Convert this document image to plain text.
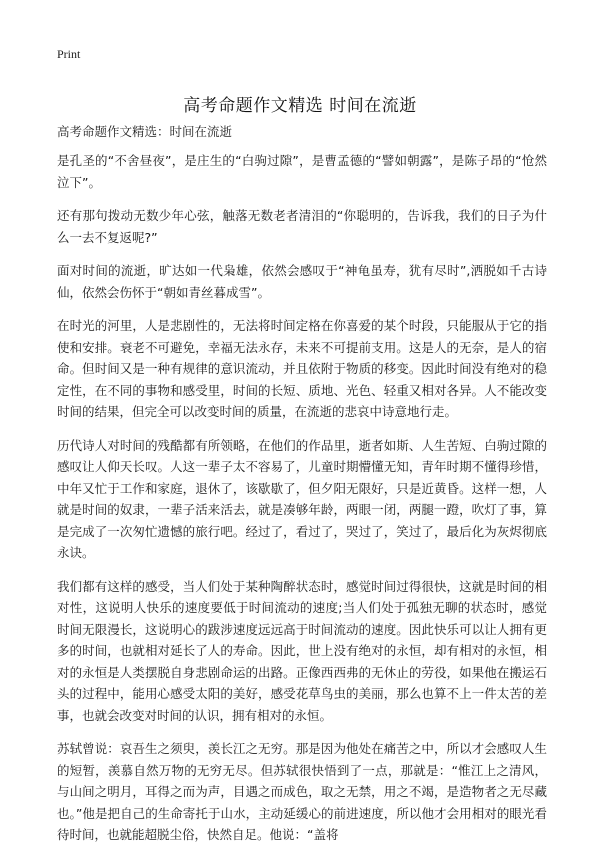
Print
高考命题作文精选 时间在流逝
高考命题作文精选：时间在流逝

是孔圣的“不舍昼夜”，是庄生的“白驹过隙”，是曹孟德的“譬如朝露”，是陈子昂的“怆然泣下”。

还有那句拨动无数少年心弦，触落无数老者清泪的“你聪明的，告诉我，我们的日子为什么一去不复返呢?”

面对时间的流逝，旷达如一代枭雄，依然会感叹于“神龟虽寿，犹有尽时”,洒脱如千古诗仙，依然会伤怀于“朝如青丝暮成雪”。

在时光的河里，人是悲剧性的，无法将时间定格在你喜爱的某个时段，只能服从于它的指使和安排。衰老不可避免，幸福无法永存，未来不可提前支用。这是人的无奈，是人的宿命。但时间又是一种有规律的意识流动，并且依附于物质的移变。因此时间没有绝对的稳定性，在不同的事物和感受里，时间的长短、质地、光色、轻重又相对各异。人不能改变时间的结果，但完全可以改变时间的质量，在流逝的悲哀中诗意地行走。

历代诗人对时间的残酷都有所领略，在他们的作品里，逝者如斯、人生苦短、白驹过隙的感叹让人仰天长叹。人这一辈子太不容易了，儿童时期懵懂无知，青年时期不懂得珍惜，中年又忙于工作和家庭，退休了，该歇歇了，但夕阳无限好，只是近黄昏。这样一想，人就是时间的奴隶，一辈子活来活去，就是凑够年龄，两眼一闭，两腿一蹬，吹灯了事，算是完成了一次匆忙遗憾的旅行吧。经过了，看过了，哭过了，笑过了，最后化为灰烬彻底永诀。

我们都有这样的感受，当人们处于某种陶醉状态时，感觉时间过得很快，这就是时间的相对性，这说明人快乐的速度要低于时间流动的速度;当人们处于孤独无聊的状态时，感觉时间无限漫长，这说明心的跋涉速度远远高于时间流动的速度。因此快乐可以让人拥有更多的时间，也就相对延长了人的寿命。因此，世上没有绝对的永恒，却有相对的永恒，相对的永恒是人类摆脱自身悲剧命运的出路。正像西西弗的无休止的劳役，如果他在搬运石头的过程中，能用心感受太阳的美好，感受花草鸟虫的美丽，那么也算不上一件太苦的差事，也就会改变对时间的认识，拥有相对的永恒。

苏轼曾说：哀吾生之须臾，羡长江之无穷。那是因为他处在痛苦之中，所以才会感叹人生的短暂，羡慕自然万物的无穷无尽。但苏轼很快悟到了一点，那就是：“惟江上之清风，与山间之明月，耳得之而为声，目遇之而成色，取之无禁，用之不竭，是造物者之无尽藏也。”他是把自己的生命寄托于山水，主动延缓心的前进速度，所以他才会用相对的眼光看待时间，也就能超脱尘俗，快然自足。他说：“盖将
